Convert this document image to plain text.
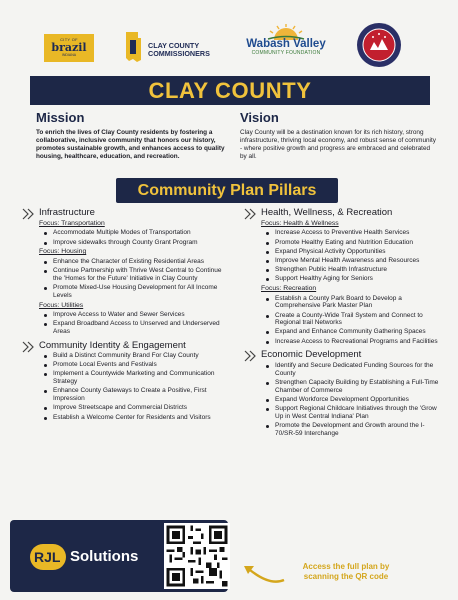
CITY OF
brazil
INDIANA
CLAY COUNTY
COMMISSIONERS
Wabash Valley
COMMUNITY FOUNDATION
CLAY COUNTY
Mission
To enrich the lives of Clay County residents by fostering a collaborative, inclusive community that honors our history, promotes sustainable growth, and enhances access to quality housing, healthcare, education, and recreation.
Vision
Clay County will be a destination known for its rich history, strong infrastructure, thriving local economy, and robust sense of community - where positive growth and progress are embraced and celebrated by all.
Community Plan Pillars
Infrastructure
Focus: Transportation
Accommodate Multiple Modes of Transportation
Improve sidewalks through County Grant Program
Focus: Housing
Enhance the Character of Existing Residential Areas
Continue Partnership with Thrive West Central to Continue the 'Homes for the Future' Initiative in Clay County
Promote Mixed-Use Housing Development for All Income Levels
Focus: Utilities
Improve Access to Water and Sewer Services
Expand Broadband Access to Unserved and Underserved Areas
Community Identity & Engagement
Build a Distinct Community Brand For Clay County
Promote Local Events and Festivals
Implement a Countywide Marketing and Communication Strategy
Enhance County Gateways to Create a Positive, First Impression
Improve Streetscape and Commercial Districts
Establish a Welcome Center for Residents and Visitors
Health, Wellness, & Recreation
Focus: Health & Wellness
Increase Access to Preventive Health Services
Promote Healthy Eating and Nutrition Education
Expand Physical Activity Opportunities
Improve Mental Health Awareness and Resources
Strengthen Public Health Infrastructure
Support Healthy Aging for Seniors
Focus: Recreation
Establish a County Park Board to Develop a Comprehensive Park Master Plan
Create a County-Wide Trail System and Connect to Regional trail Networks
Expand and Enhance Community Gathering Spaces
Increase Access to Recreational Programs and Facilities
Economic Development
Identify and Secure Dedicated Funding Sources for the County
Strengthen Capacity Building by Establishing a Full-Time Chamber of Commerce
Expand Workforce Development Opportunities
Support Regional Childcare Initiatives through the 'Grow Up in West Central Indiana' Plan
Promote the Development and Growth around the I-70/SR-59 Interchange
RJL Solutions
Access the full plan by scanning the QR code
